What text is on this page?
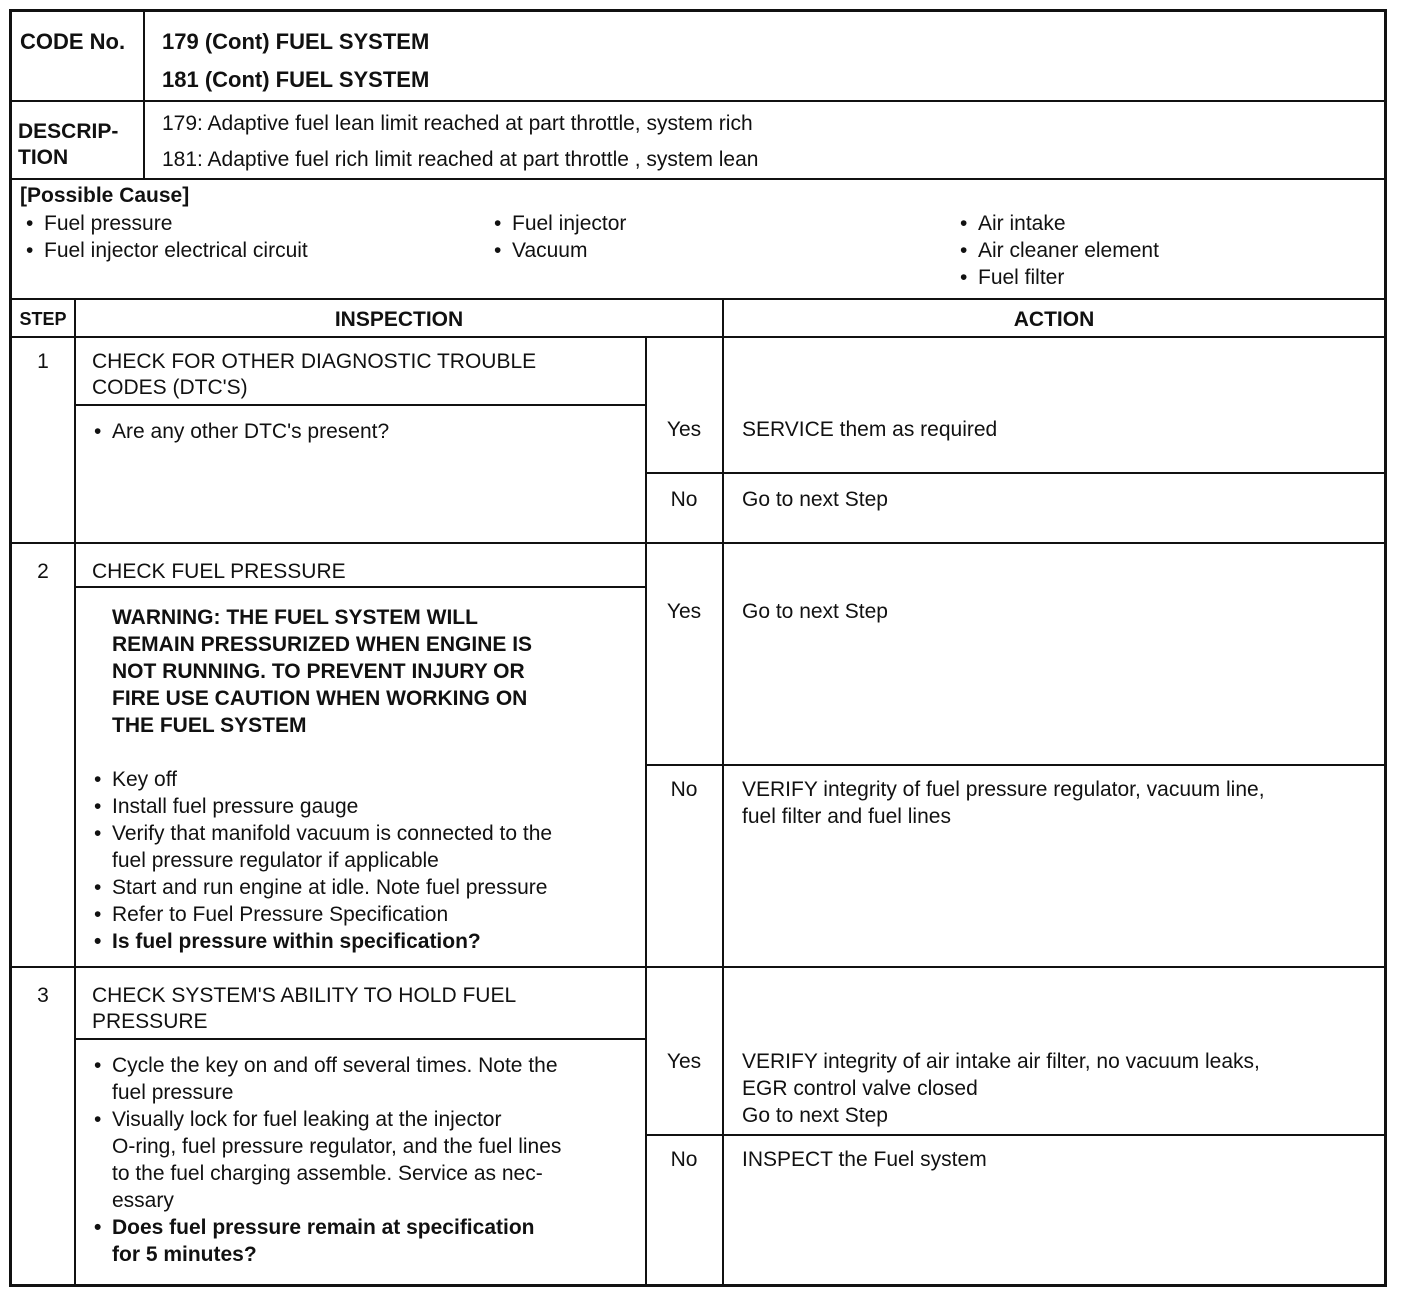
CODE No. 179 (Cont) FUEL SYSTEM
181 (Cont) FUEL SYSTEM
DESCRIP-
TION
179: Adaptive fuel lean limit reached at part throttle, system rich
181: Adaptive fuel rich limit reached at part throttle , system lean
[Possible Cause]
• Fuel pressure
• Fuel injector electrical circuit
• Fuel injector
• Vacuum
• Air intake
• Air cleaner element
• Fuel filter
STEP	INSPECTION	ACTION
1	CHECK FOR OTHER DIAGNOSTIC TROUBLE
CODES (DTC'S)
• Are any other DTC's present?	Yes	SERVICE them as required
No	Go to next Step
2	CHECK FUEL PRESSURE
WARNING: THE FUEL SYSTEM WILL
REMAIN PRESSURIZED WHEN ENGINE IS
NOT RUNNING. TO PREVENT INJURY OR
FIRE USE CAUTION WHEN WORKING ON
THE FUEL SYSTEM
• Key off
• Install fuel pressure gauge
• Verify that manifold vacuum is connected to the
fuel pressure regulator if applicable
• Start and run engine at idle. Note fuel pressure
• Refer to Fuel Pressure Specification
• Is fuel pressure within specification?
Yes	Go to next Step
No	VERIFY integrity of fuel pressure regulator, vacuum line,
fuel filter and fuel lines
3	CHECK SYSTEM'S ABILITY TO HOLD FUEL
PRESSURE
• Cycle the key on and off several times. Note the
fuel pressure
• Visually lock for fuel leaking at the injector
O-ring, fuel pressure regulator, and the fuel lines
to the fuel charging assemble. Service as nec-
essary
• Does fuel pressure remain at specification
for 5 minutes?
Yes	VERIFY integrity of air intake air filter, no vacuum leaks,
EGR control valve closed
Go to next Step
No	INSPECT the Fuel system
